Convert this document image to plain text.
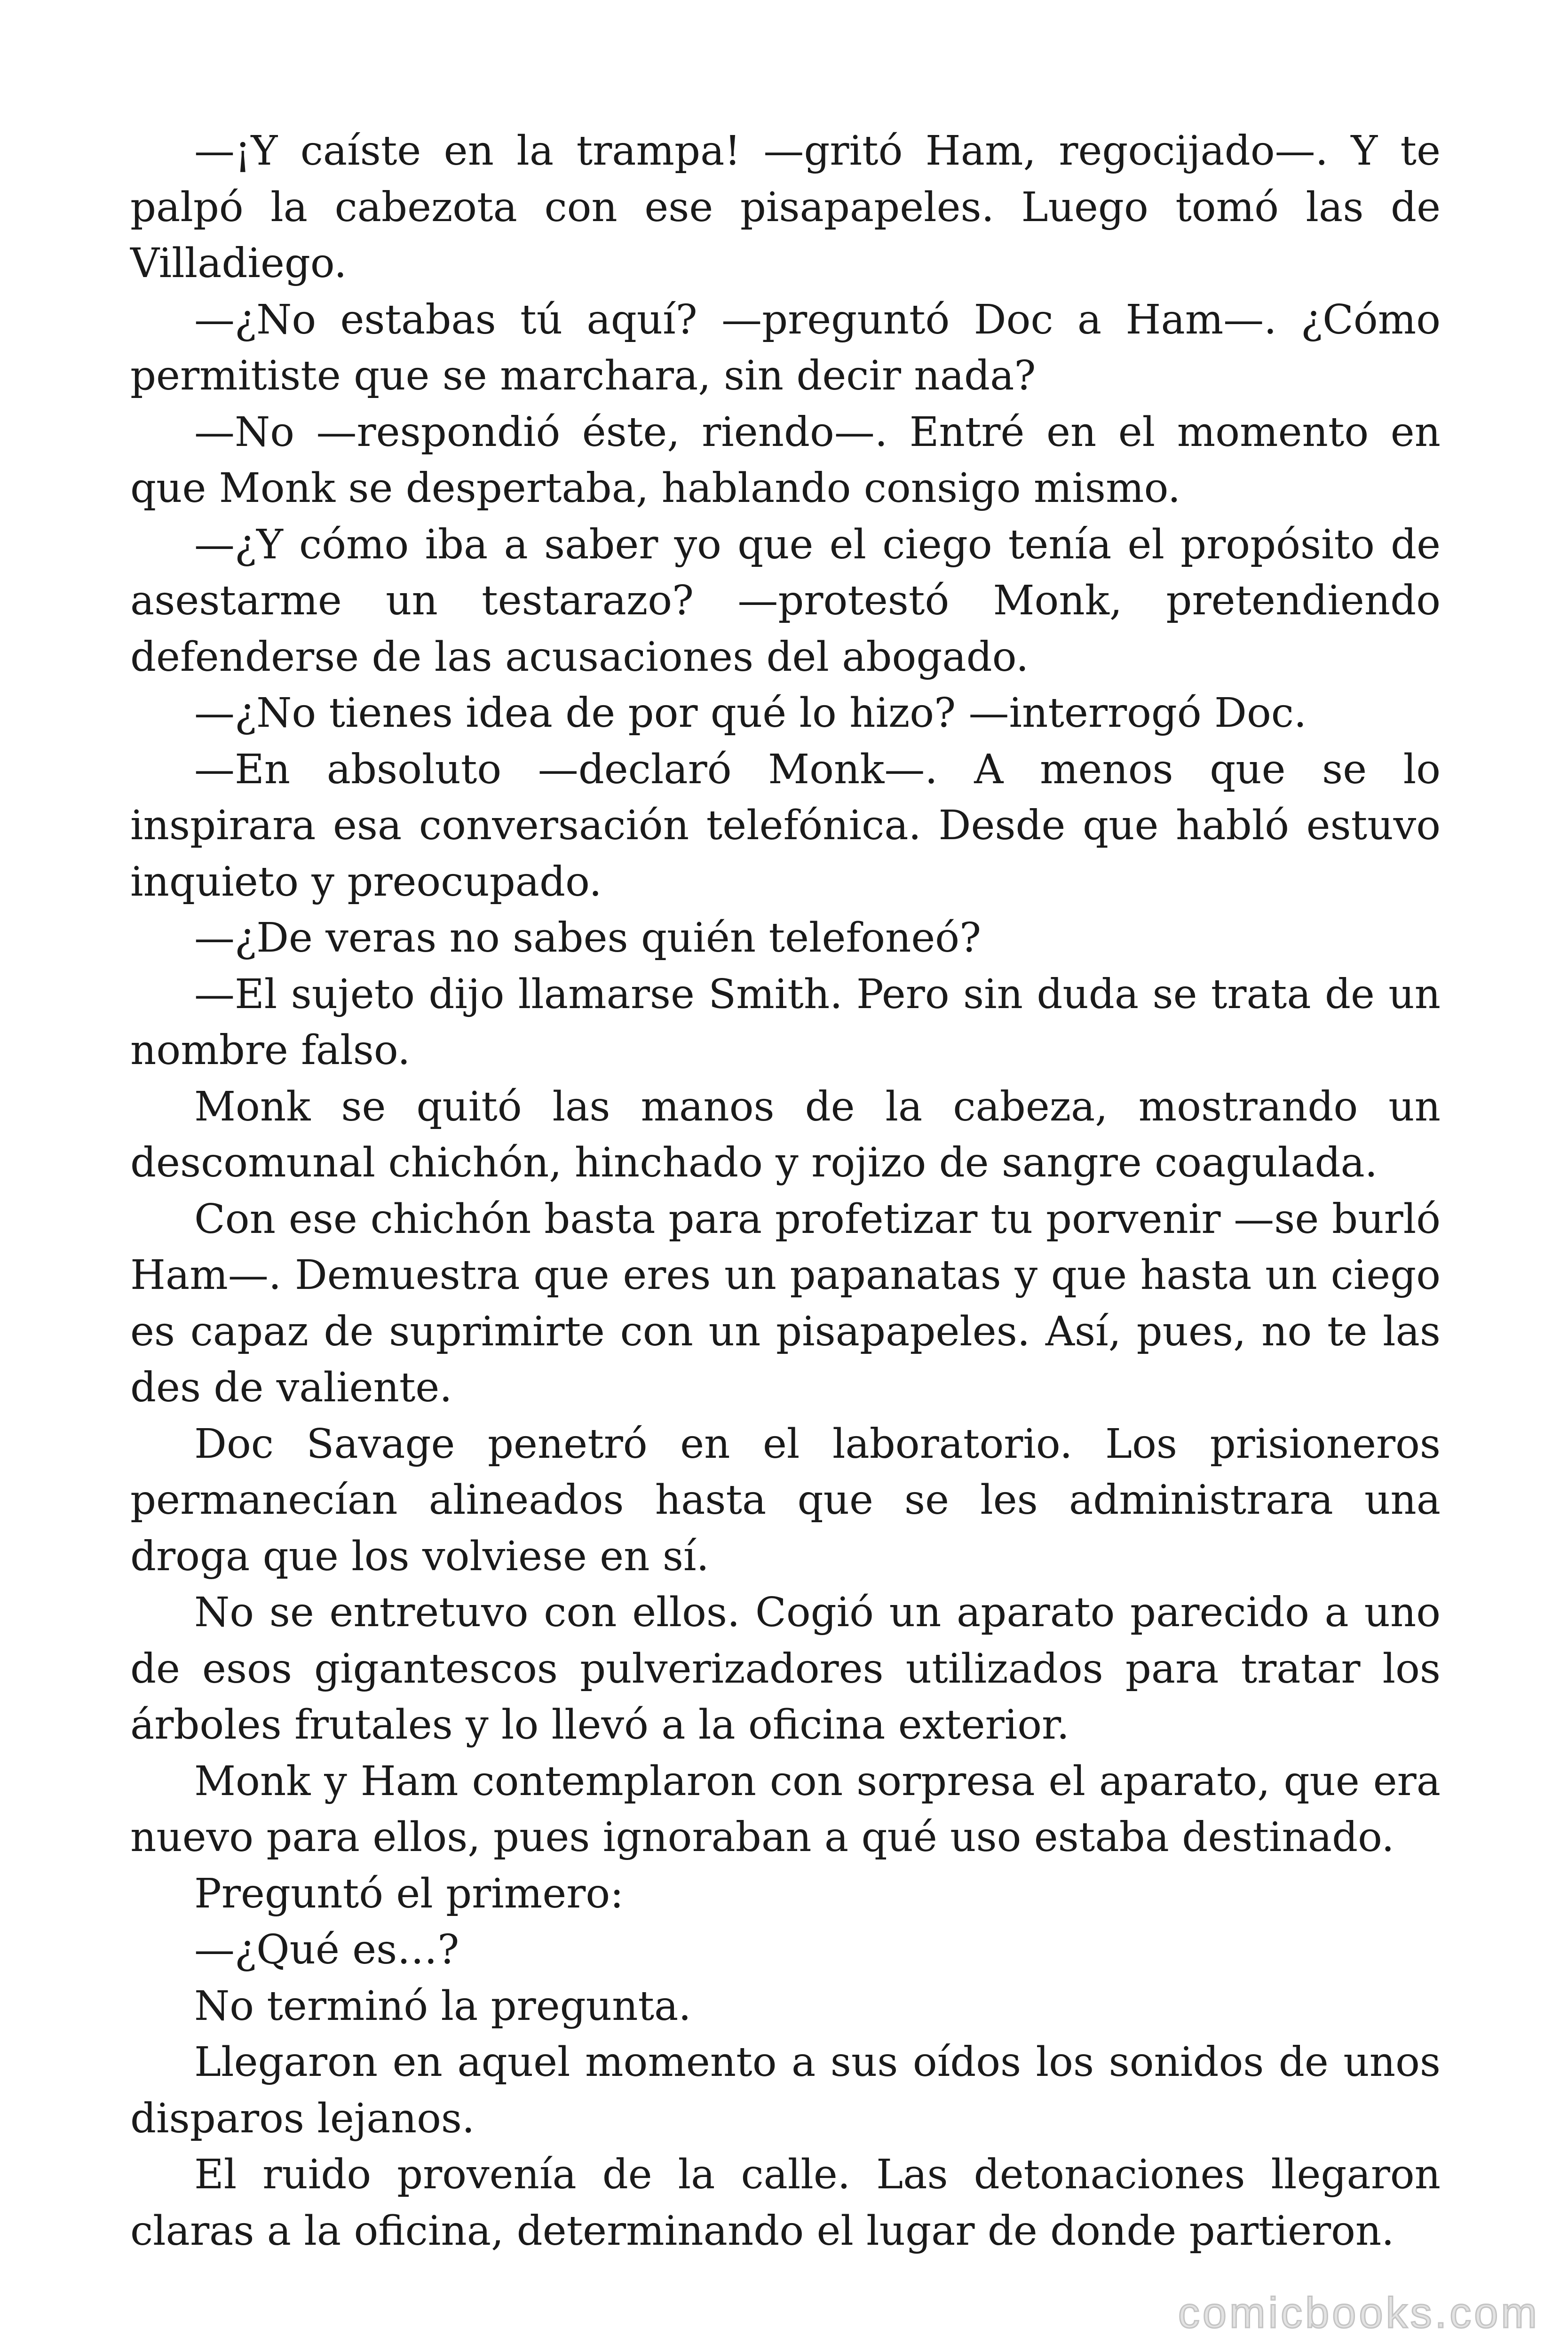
—¡Y caíste en la trampa! —gritó Ham, regocijado—. Y te palpó la cabezota con ese pisapapeles. Luego tomó las de Villadiego.

—¿No estabas tú aquí? —preguntó Doc a Ham—. ¿Cómo permitiste que se marchara, sin decir nada?

—No —respondió éste, riendo—. Entré en el momento en que Monk se despertaba, hablando consigo mismo.

—¿Y cómo iba a saber yo que el ciego tenía el propósito de asestarme un testarazo? —protestó Monk, pretendiendo defenderse de las acusaciones del abogado.

—¿No tienes idea de por qué lo hizo? —interrogó Doc.

—En absoluto —declaró Monk—. A menos que se lo inspirara esa conversación telefónica. Desde que habló estuvo inquieto y preocupado.

—¿De veras no sabes quién telefoneó?

—El sujeto dijo llamarse Smith. Pero sin duda se trata de un nombre falso.

Monk se quitó las manos de la cabeza, mostrando un descomunal chichón, hinchado y rojizo de sangre coagulada.

Con ese chichón basta para profetizar tu porvenir —se burló Ham—. Demuestra que eres un papanatas y que hasta un ciego es capaz de suprimirte con un pisapapeles. Así, pues, no te las des de valiente.

Doc Savage penetró en el laboratorio. Los prisioneros permanecían alineados hasta que se les administrara una droga que los volviese en sí.

No se entretuvo con ellos. Cogió un aparato parecido a uno de esos gigantescos pulverizadores utilizados para tratar los árboles frutales y lo llevó a la oficina exterior.

Monk y Ham contemplaron con sorpresa el aparato, que era nuevo para ellos, pues ignoraban a qué uso estaba destinado.

Preguntó el primero:

—¿Qué es…?

No terminó la pregunta.

Llegaron en aquel momento a sus oídos los sonidos de unos disparos lejanos.

El ruido provenía de la calle. Las detonaciones llegaron claras a la oficina, determinando el lugar de donde partieron.

comicbooks.com
